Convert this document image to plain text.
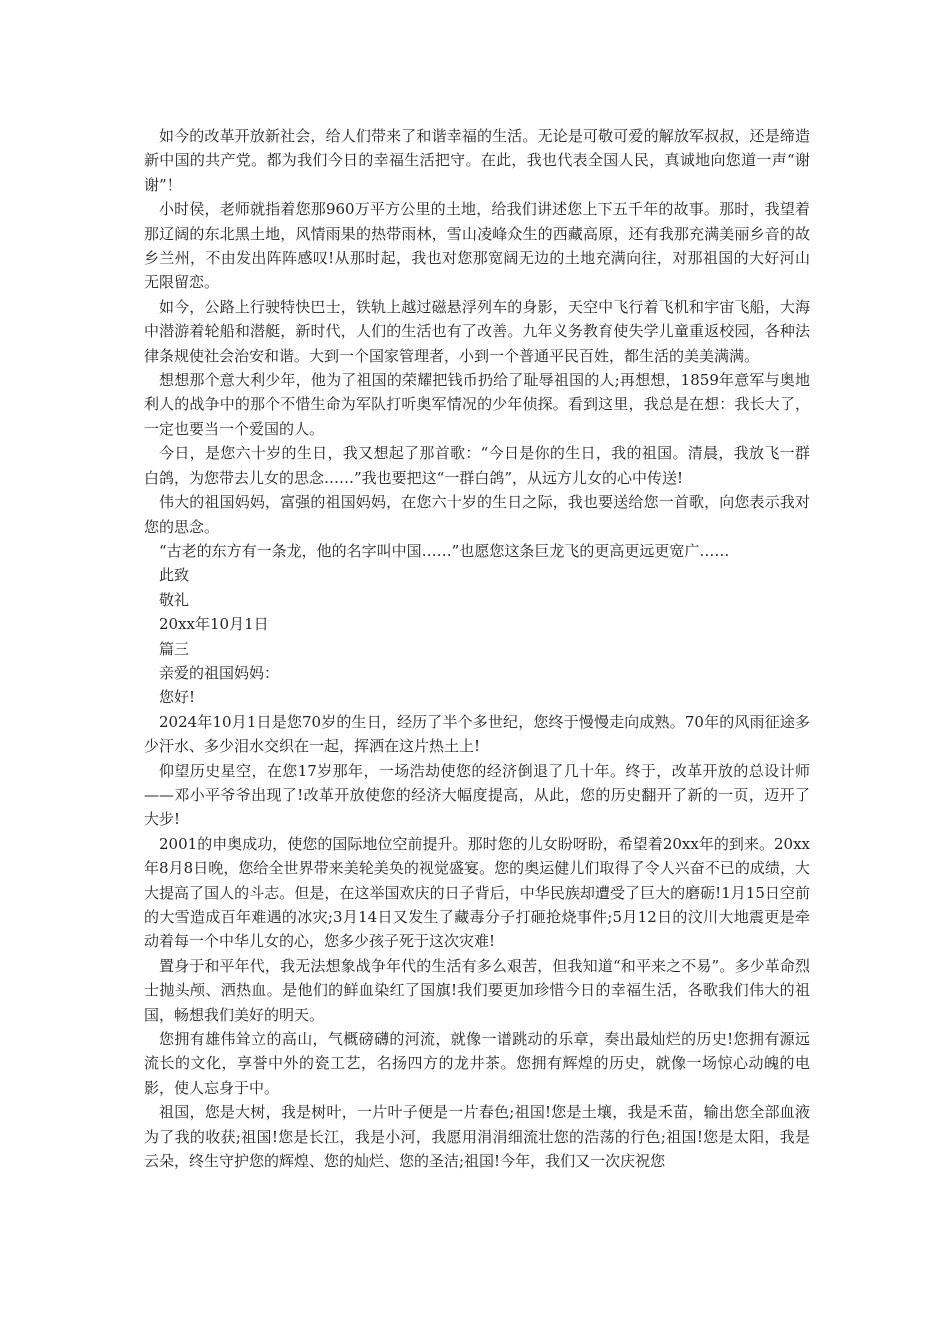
如今的改革开放新社会，给人们带来了和谐幸福的生活。无论是可敬可爱的解放军叔叔，还是缔造新中国的共产党。都为我们今日的幸福生活把守。在此，我也代表全国人民，真诚地向您道一声“谢谢”！

小时侯，老师就指着您那960万平方公里的土地，给我们讲述您上下五千年的故事。那时，我望着那辽阔的东北黑土地，风情雨果的热带雨林，雪山凌峰众生的西藏高原，还有我那充满美丽乡音的故乡兰州，不由发出阵阵感叹!从那时起，我也对您那宽阔无边的土地充满向往，对那祖国的大好河山无限留恋。

如今，公路上行驶特快巴士，铁轨上越过磁悬浮列车的身影，天空中飞行着飞机和宇宙飞船，大海中潜游着轮船和潜艇，新时代，人们的生活也有了改善。九年义务教育使失学儿童重返校园，各种法律条规使社会治安和谐。大到一个国家管理者，小到一个普通平民百姓，都生活的美美满满。

想想那个意大利少年，他为了祖国的荣耀把钱币扔给了耻辱祖国的人;再想想，1859年意军与奥地利人的战争中的那个不惜生命为军队打听奥军情况的少年侦探。看到这里，我总是在想：我长大了，一定也要当一个爱国的人。

今日，是您六十岁的生日，我又想起了那首歌：“今日是你的生日，我的祖国。清晨，我放飞一群白鸽，为您带去儿女的思念……”我也要把这“一群白鸽”，从远方儿女的心中传送!

伟大的祖国妈妈，富强的祖国妈妈，在您六十岁的生日之际，我也要送给您一首歌，向您表示我对您的思念。

“古老的东方有一条龙，他的名字叫中国……”也愿您这条巨龙飞的更高更远更宽广……

此致

敬礼

20xx年10月1日

篇三

亲爱的祖国妈妈：

您好!

2024年10月1日是您70岁的生日，经历了半个多世纪，您终于慢慢走向成熟。70年的风雨征途多少汗水、多少泪水交织在一起，挥洒在这片热土上!

仰望历史星空，在您17岁那年，一场浩劫使您的经济倒退了几十年。终于，改革开放的总设计师——邓小平爷爷出现了!改革开放使您的经济大幅度提高，从此，您的历史翻开了新的一页，迈开了大步!

2001的申奥成功，使您的国际地位空前提升。那时您的儿女盼呀盼，希望着20xx年的到来。20xx年8月8日晚，您给全世界带来美轮美奂的视觉盛宴。您的奥运健儿们取得了令人兴奋不已的成绩，大大提高了国人的斗志。但是，在这举国欢庆的日子背后，中华民族却遭受了巨大的磨砺!1月15日空前的大雪造成百年难遇的冰灾;3月14日又发生了藏毒分子打砸抢烧事件;5月12日的汶川大地震更是牵动着每一个中华儿女的心，您多少孩子死于这次灾难!

置身于和平年代，我无法想象战争年代的生活有多么艰苦，但我知道“和平来之不易”。多少革命烈士抛头颅、洒热血。是他们的鲜血染红了国旗!我们要更加珍惜今日的幸福生活，各歌我们伟大的祖国，畅想我们美好的明天。

您拥有雄伟耸立的高山，气概磅礴的河流，就像一谱跳动的乐章，奏出最灿烂的历史!您拥有源远流长的文化，享誉中外的瓷工艺，名扬四方的龙井茶。您拥有辉煌的历史，就像一场惊心动魄的电影，使人忘身于中。

祖国，您是大树，我是树叶，一片叶子便是一片春色;祖国!您是土壤，我是禾苗，输出您全部血液为了我的收获;祖国!您是长江，我是小河，我愿用涓涓细流壮您的浩荡的行色;祖国!您是太阳，我是云朵，终生守护您的辉煌、您的灿烂、您的圣洁;祖国!今年，我们又一次庆祝您
